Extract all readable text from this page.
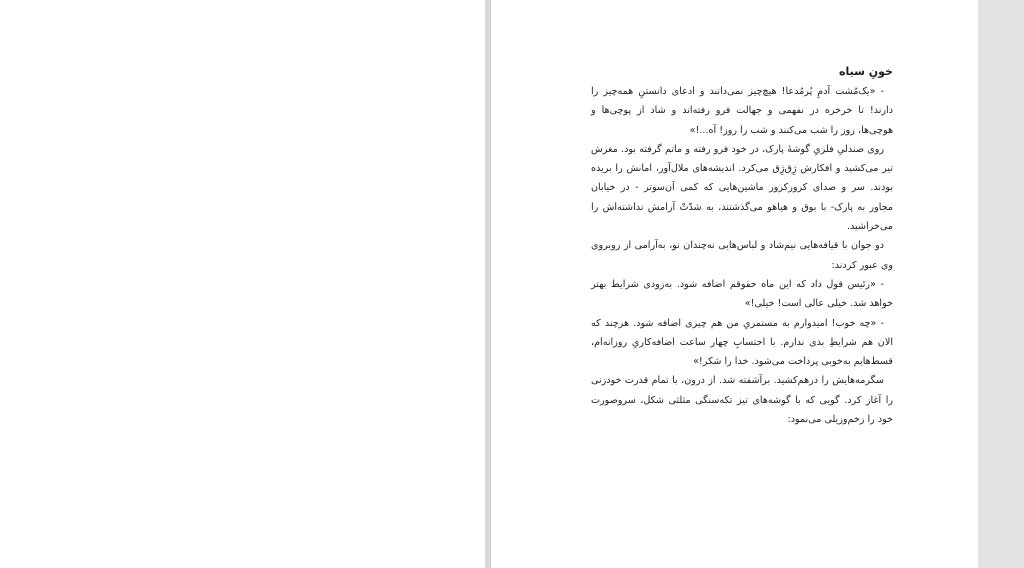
خونِ سیاه

- «یک‌مُشت آدمِ پُرمُدعا! هیچ‌چیز نمی‌دانند و ادعای دانستنِ همه‌چیز را دارند! تا خرخره در نفهمی و جهالت فرو رفته‌اند و شاد از پوچی‌ها و هوچی‌ها، روز را شب می‌کنند و شب را روز! آه...!»

روی صندلیِ فلزیِ گوشهٔ پارک، در خود فرو رفته و ماتم گرفته بود. مغزش تیر می‌کشید و افکارش ژِق‌ژِق می‌کرد. اندیشه‌های ملال‌آور، امانش را بریده بودند. سر و صدای کرورکرور ماشین‌هایی که کمی آن‌سوتر - در خیابان مجاور به پارک- با بوق و هیاهو می‌گذشتند، به شدّتْ آرامش نداشته‌اش را می‌خراشید.

دو جوان با قیافه‌هایی نیم‌شاد و لباس‌هایی نه‌چندان نو، به‌آرامی از روبروی وی عبور کردند:

- «رئیس قول داد که این ماه حقوقم اضافه شود. به‌زودی شرایط بهتر خواهد شد. خیلی عالی است! خیلی!»

- «چه خوب! امیدوارم به مستمریِ من هم چیزی اضافه شود. هرچند که الان هم شرایطِ بدی ندارم. با احتسابِ چهار ساعت اضافه‌کاریِ روزانه‌ام، قسط‌هایم به‌خوبی پرداخت می‌شود. خدا را شکر!»

سگرمه‌هایش را درهم‌کشید. برآشفته شد. از درون، با تمام قدرت خودزنی را آغاز کرد. گویی که با گوشه‌های تیز تکه‌سنگی مثلثی شکل، سروصورت خود را زخم‌وزیلی می‌نمود:
